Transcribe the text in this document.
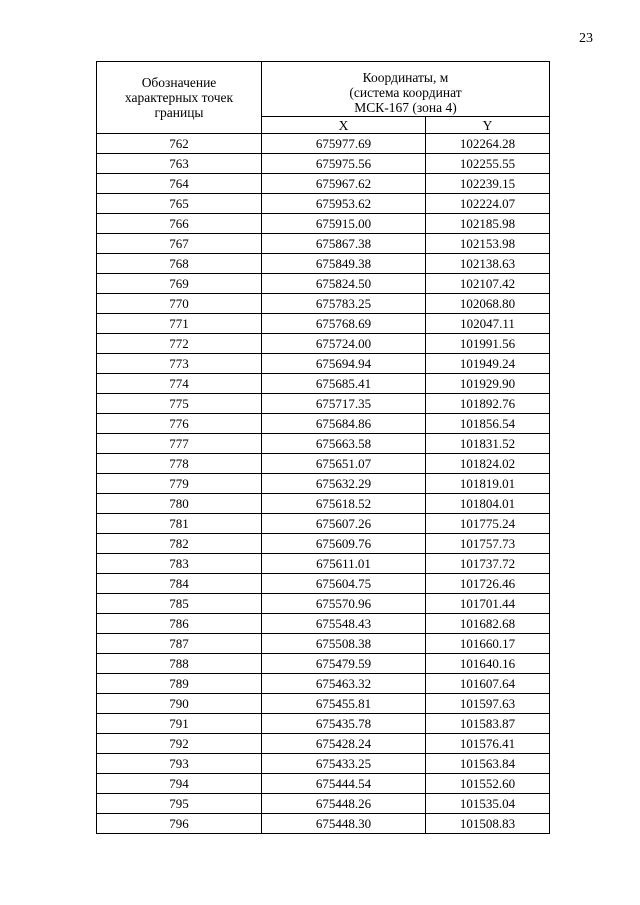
23
Обозначение
характерных точек
границы	Координаты, м
(система координат
МСК-167 (зона 4)	
	X	Y
762	675977.69	102264.28
763	675975.56	102255.55
764	675967.62	102239.15
765	675953.62	102224.07
766	675915.00	102185.98
767	675867.38	102153.98
768	675849.38	102138.63
769	675824.50	102107.42
770	675783.25	102068.80
771	675768.69	102047.11
772	675724.00	101991.56
773	675694.94	101949.24
774	675685.41	101929.90
775	675717.35	101892.76
776	675684.86	101856.54
777	675663.58	101831.52
778	675651.07	101824.02
779	675632.29	101819.01
780	675618.52	101804.01
781	675607.26	101775.24
782	675609.76	101757.73
783	675611.01	101737.72
784	675604.75	101726.46
785	675570.96	101701.44
786	675548.43	101682.68
787	675508.38	101660.17
788	675479.59	101640.16
789	675463.32	101607.64
790	675455.81	101597.63
791	675435.78	101583.87
792	675428.24	101576.41
793	675433.25	101563.84
794	675444.54	101552.60
795	675448.26	101535.04
796	675448.30	101508.83
